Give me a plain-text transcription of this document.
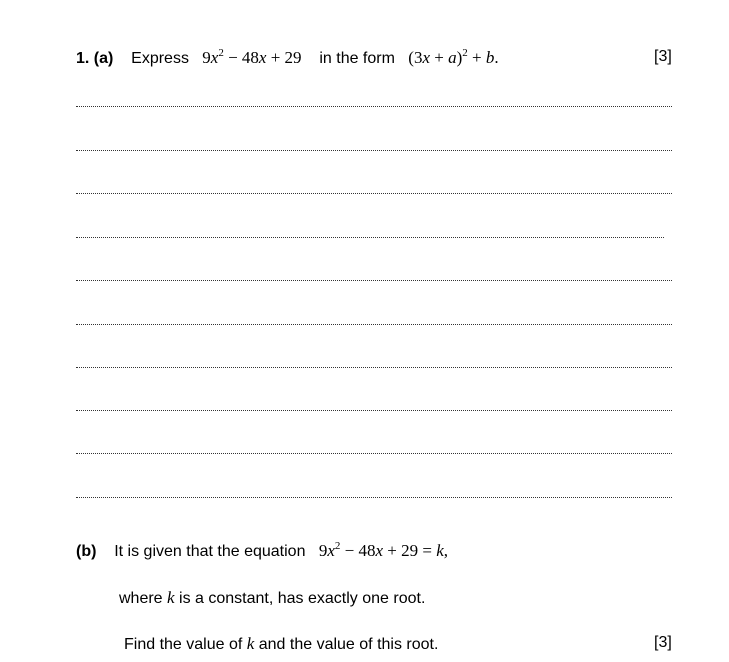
1. (a) Express $9x^2 - 48x + 29$ in the form $(3x + a)^2 + b$.	[3]
(b) It is given that the equation $9x^2 - 48x + 29 = k$,
where k is a constant, has exactly one root.
Find the value of k and the value of this root.	[3]
